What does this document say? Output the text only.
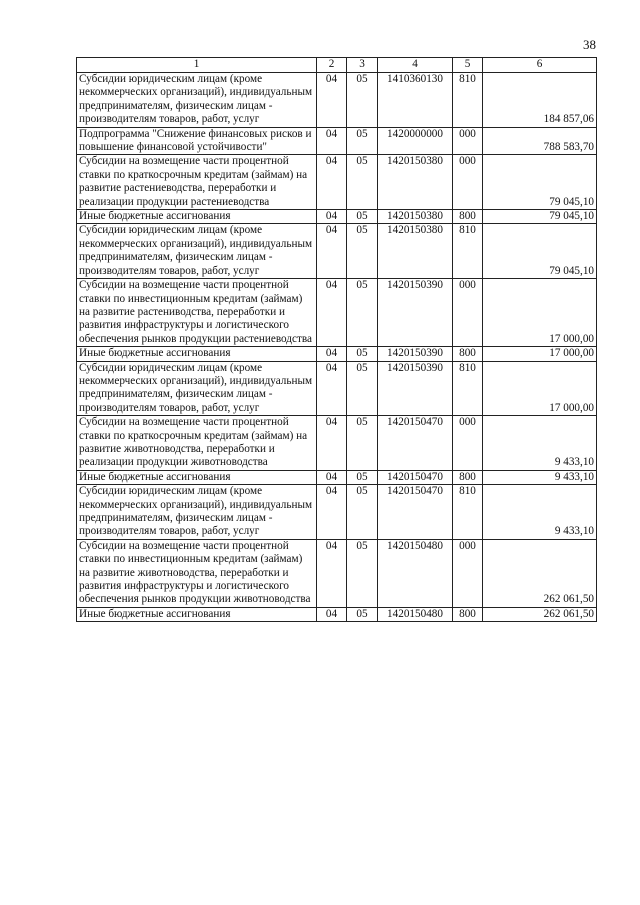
38
1	2	3	4	5	6
Субсидии юридическим лицам (кроме некоммерческих организаций), индивидуальным предпринимателям, физическим лицам - производителям товаров, работ, услуг	04	05	1410360130	810	184 857,06
Подпрограмма "Снижение финансовых рисков и повышение финансовой устойчивости"	04	05	1420000000	000	788 583,70
Субсидии на возмещение части процентной ставки по краткосрочным кредитам (займам) на развитие растениеводства, переработки и реализации продукции растениеводства	04	05	1420150380	000	79 045,10
Иные бюджетные ассигнования	04	05	1420150380	800	79 045,10
Субсидии юридическим лицам (кроме некоммерческих организаций), индивидуальным предпринимателям, физическим лицам - производителям товаров, работ, услуг	04	05	1420150380	810	79 045,10
Субсидии на возмещение части процентной ставки по инвестиционным кредитам (займам) на развитие растениводства, переработки и развития инфраструктуры и логистического обеспечения рынков продукции растениеводства	04	05	1420150390	000	17 000,00
Иные бюджетные ассигнования	04	05	1420150390	800	17 000,00
Субсидии юридическим лицам (кроме некоммерческих организаций), индивидуальным предпринимателям, физическим лицам - производителям товаров, работ, услуг	04	05	1420150390	810	17 000,00
Субсидии на возмещение части процентной ставки по краткосрочным кредитам (займам) на развитие животноводства, переработки и реализации продукции животноводства	04	05	1420150470	000	9 433,10
Иные бюджетные ассигнования	04	05	1420150470	800	9 433,10
Субсидии юридическим лицам (кроме некоммерческих организаций), индивидуальным предпринимателям, физическим лицам - производителям товаров, работ, услуг	04	05	1420150470	810	9 433,10
Субсидии на возмещение части процентной ставки по инвестиционным кредитам (займам) на развитие животноводства, переработки и развития инфраструктуры и логистического обеспечения рынков продукции животноводства	04	05	1420150480	000	262 061,50
Иные бюджетные ассигнования	04	05	1420150480	800	262 061,50
